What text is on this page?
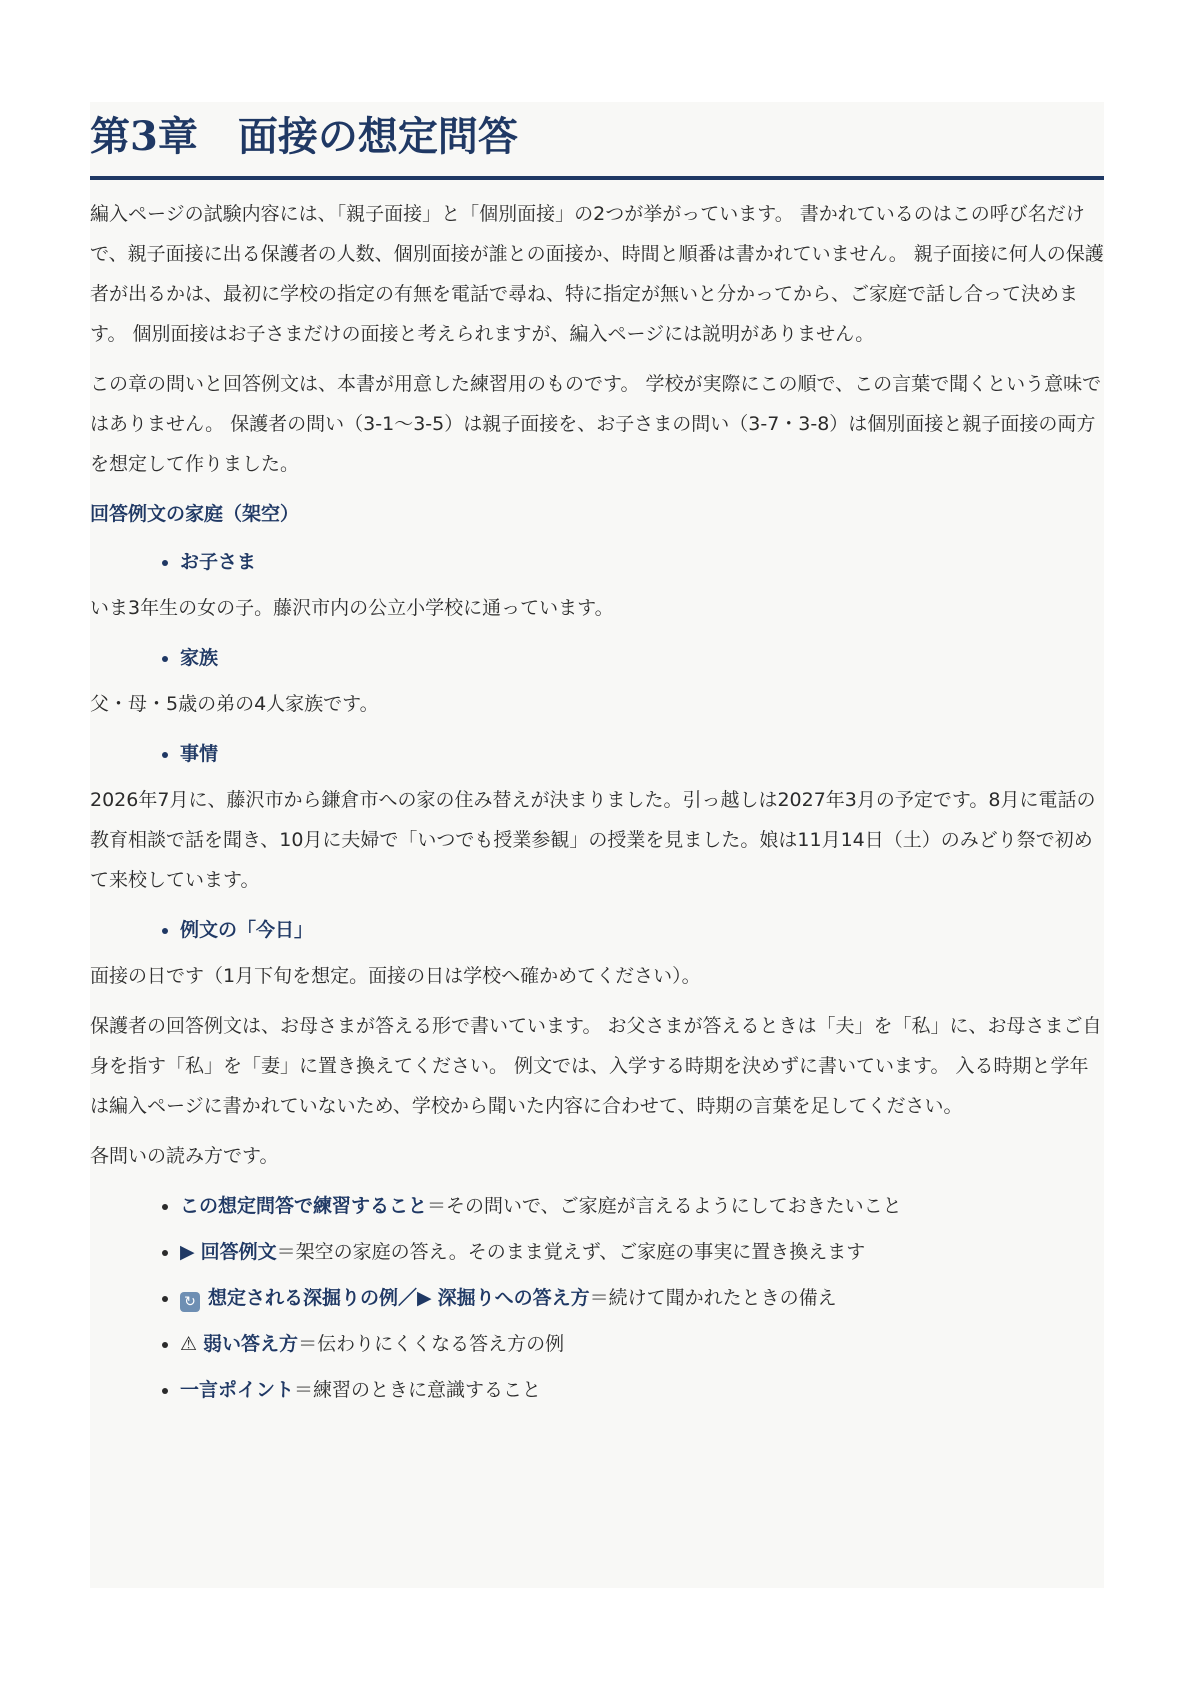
第3章　面接の想定問答

編入ページの試験内容には、「親子面接」と「個別面接」の2つが挙がっています。 書かれているのはこの呼び名だけで、親子面接に出る保護者の人数、個別面接が誰との面接か、時間と順番は書かれていません。 親子面接に何人の保護者が出るかは、最初に学校の指定の有無を電話で尋ね、特に指定が無いと分かってから、ご家庭で話し合って決めます。 個別面接はお子さまだけの面接と考えられますが、編入ページには説明がありません。

この章の問いと回答例文は、本書が用意した練習用のものです。 学校が実際にこの順で、この言葉で聞くという意味ではありません。 保護者の問い（3-1〜3-5）は親子面接を、お子さまの問い（3-7・3-8）は個別面接と親子面接の両方を想定して作りました。

回答例文の家庭（架空）
• お子さま

いま3年生の女の子。藤沢市内の公立小学校に通っています。

• 家族

父・母・5歳の弟の4人家族です。

• 事情

2026年7月に、藤沢市から鎌倉市への家の住み替えが決まりました。引っ越しは2027年3月の予定です。8月に電話の教育相談で話を聞き、10月に夫婦で「いつでも授業参観」の授業を見ました。娘は11月14日（土）のみどり祭で初めて来校しています。

• 例文の「今日」

面接の日です（1月下旬を想定。面接の日は学校へ確かめてください）。

保護者の回答例文は、お母さまが答える形で書いています。 お父さまが答えるときは「夫」を「私」に、お母さまご自身を指す「私」を「妻」に置き換えてください。 例文では、入学する時期を決めずに書いています。 入る時期と学年は編入ページに書かれていないため、学校から聞いた内容に合わせて、時期の言葉を足してください。

各問いの読み方です。

• この想定問答で練習すること＝その問いで、ご家庭が言えるようにしておきたいこと
• ▶ 回答例文＝架空の家庭の答え。そのまま覚えず、ご家庭の事実に置き換えます
• ↻ 想定される深掘りの例／▶ 深掘りへの答え方＝続けて聞かれたときの備え
• ⚠ 弱い答え方＝伝わりにくくなる答え方の例
• 一言ポイント＝練習のときに意識すること
